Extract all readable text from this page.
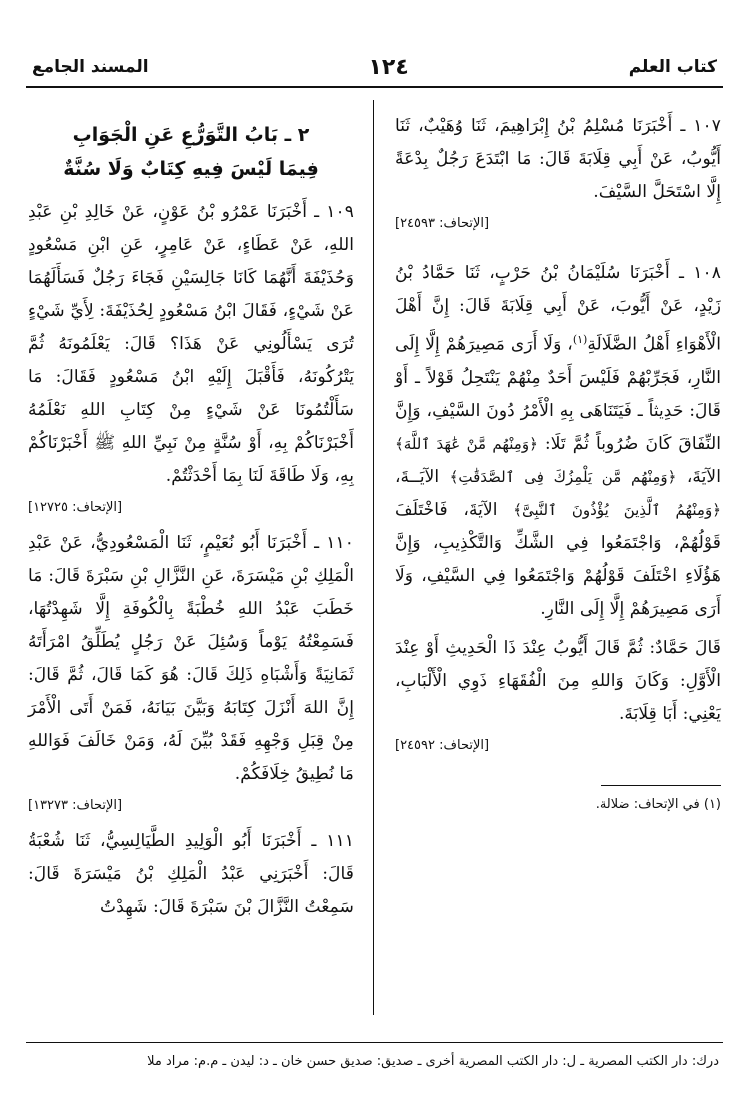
كتاب العلم
١٢٤
المسند الجامع

١٠٧ ـ أَخْبَرَنَا مُسْلِمُ بْنُ إِبْرَاهِيمَ، ثَنَا وُهَيْبٌ، ثَنَا أَيُّوبُ، عَنْ أَبِي قِلَابَةَ قَالَ: مَا ابْتَدَعَ رَجُلٌ بِدْعَةً إِلَّا اسْتَحَلَّ السَّيْفَ.

[الإتحاف: ٢٤٥٩٣]

١٠٨ ـ أَخْبَرَنَا سُلَيْمَانُ بْنُ حَرْبٍ، ثَنَا حَمَّادُ بْنُ زَيْدٍ، عَنْ أَيُّوبَ، عَنْ أَبِي قِلَابَةَ قَالَ: إِنَّ أَهْلَ الْأَهْوَاءِ أَهْلُ الضَّلَالَةِ$^{(١)}$، وَلَا أَرَى مَصِيرَهُمْ إِلَّا إِلَى النَّارِ، فَجَرِّبْهُمْ فَلَيْسَ أَحَدٌ مِنْهُمْ يَنْتَحِلُ قَوْلاً ـ أَوْ قَالَ: حَدِيثاً ـ فَيَتَنَاهَى بِهِ الْأَمْرُ دُونَ السَّيْفِ، وَإِنَّ النِّفَاقَ كَانَ ضُرُوباً ثُمَّ تَلَا: ﴿وَمِنْهُم مَّنْ عَٰهَدَ ٱللَّهَ﴾ الآيَةَ، ﴿وَمِنْهُم مَّن يَلْمِزُكَ فِى ٱلصَّدَقَٰتِ﴾ الآيَــةَ، ﴿وَمِنْهُمُ ٱلَّذِينَ يُؤْذُونَ ٱلنَّبِىَّ﴾ الآيَةَ، فَاخْتَلَفَ قَوْلُهُمْ، وَاجْتَمَعُوا فِي الشَّكِّ وَالتَّكْذِيبِ، وَإِنَّ هَؤُلَاءِ اخْتَلَفَ قَوْلُهُمْ وَاجْتَمَعُوا فِي السَّيْفِ، وَلَا أَرَى مَصِيرَهُمْ إِلَّا إِلَى النَّارِ.

قَالَ حَمَّادٌ: ثُمَّ قَالَ أَيُّوبُ عِنْدَ ذَا الْحَدِيثِ أَوْ عِنْدَ الْأَوَّلِ: وَكَانَ وَاللهِ مِنَ الْفُقَهَاءِ ذَوِي الْأَلْبَابِ، يَعْنِي: أَبَا قِلَابَةَ.

[الإتحاف: ٢٤٥٩٢]
(١) في الإتحاف: ضلالة.
٢ ـ بَابُ التَّوَرُّعِ عَنِ الْجَوَابِ
فِيمَا لَيْسَ فِيهِ كِتَابٌ وَلَا سُنَّةٌ

١٠٩ ـ أَخْبَرَنَا عَمْرُو بْنُ عَوْنٍ، عَنْ خَالِدِ بْنِ عَبْدِ اللهِ، عَنْ عَطَاءٍ، عَنْ عَامِرٍ، عَنِ ابْنِ مَسْعُودٍ وَحُذَيْفَةَ أَنَّهُمَا كَانَا جَالِسَيْنِ فَجَاءَ رَجُلٌ فَسَأَلَهُمَا عَنْ شَيْءٍ، فَقَالَ ابْنُ مَسْعُودٍ لِحُذَيْفَةَ: لِأَيِّ شَيْءٍ تُرَى يَسْأَلُونِي عَنْ هَذَا؟ قَالَ: يَعْلَمُونَهُ ثُمَّ يَتْرُكُونَهُ، فَأَقْبَلَ إِلَيْهِ ابْنُ مَسْعُودٍ فَقَالَ: مَا سَأَلْتُمُونَا عَنْ شَيْءٍ مِنْ كِتَابِ اللهِ نَعْلَمُهُ أَخْبَرْنَاكُمْ بِهِ، أَوْ سُنَّةٍ مِنْ نَبِيِّ اللهِ ﷺ أَخْبَرْنَاكُمْ بِهِ، وَلَا طَاقَةَ لَنَا بِمَا أَحْدَثْتُمْ.

[الإتحاف: ١٢٧٢٥]

١١٠ ـ أَخْبَرَنَا أَبُو نُعَيْمٍ، ثَنَا الْمَسْعُودِيُّ، عَنْ عَبْدِ الْمَلِكِ بْنِ مَيْسَرَةَ، عَنِ النَّزَّالِ بْنِ سَبْرَةَ قَالَ: مَا خَطَبَ عَبْدُ اللهِ خُطْبَةً بِالْكُوفَةِ إِلَّا شَهِدْتُهَا، فَسَمِعْتُهُ يَوْماً وَسُئِلَ عَنْ رَجُلٍ يُطَلِّقُ امْرَأَتَهُ ثَمَانِيَةً وَأَشْبَاهِ ذَلِكَ قَالَ: هُوَ كَمَا قَالَ، ثُمَّ قَالَ: إِنَّ اللهَ أَنْزَلَ كِتَابَهُ وَبَيَّنَ بَيَانَهُ، فَمَنْ أَتَى الْأَمْرَ مِنْ قِبَلِ وَجْهِهِ فَقَدْ بُيِّنَ لَهُ، وَمَنْ خَالَفَ فَوَاللهِ مَا نُطِيقُ خِلَافَكُمْ.

[الإتحاف: ١٣٢٧٣]

١١١ ـ أَخْبَرَنَا أَبُو الْوَلِيدِ الطَّيَالِسِيُّ، ثَنَا شُعْبَةُ قَالَ: أَخْبَرَنِي عَبْدُ الْمَلِكِ بْنُ مَيْسَرَةَ قَالَ: سَمِعْتُ النَّزَّالَ بْنَ سَبْرَةَ قَالَ: شَهِدْتُ

درك: دار الكتب المصرية ـ ل: دار الكتب المصرية أخرى ـ صديق: صديق حسن خان ـ د: ليدن ـ م.م: مراد ملا
